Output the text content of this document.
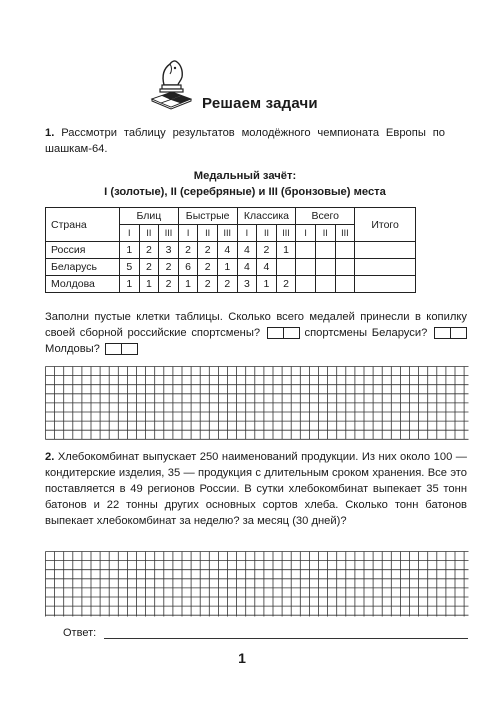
Решаем задачи
1. Рассмотри таблицу результатов молодёжного чемпионата Европы по шашкам-64.
Медальный зачёт:
I (золотые), II (серебряные) и III (бронзовые) места
Страна	Блиц			Быстрые			Классика			Всего			Итого
	I	II	III	I	II	III	I	II	III	I	II	III	
Россия	1	2	3	2	2	4	4	2	1				
Беларусь	5	2	2	6	2	1	4	4					
Молдова	1	1	2	1	2	2	3	1	2				
Заполни пустые клетки таблицы. Сколько всего медалей принесли в копилку своей сборной российские спортсмены?	спортсмены Беларуси?  Молдовы?
2. Хлебокомбинат выпускает 250 наименований продукции. Из них около 100 — кондитерские изделия, 35 — продукция с длительным сроком хранения. Все это поставляется в 49 регионов России. В сутки хлебокомбинат выпекает 35 тонн батонов и 22 тонны других основных сортов хлеба. Сколько тонн батонов выпекает хлебокомбинат за неделю? за месяц (30 дней)?
Ответ:
1
